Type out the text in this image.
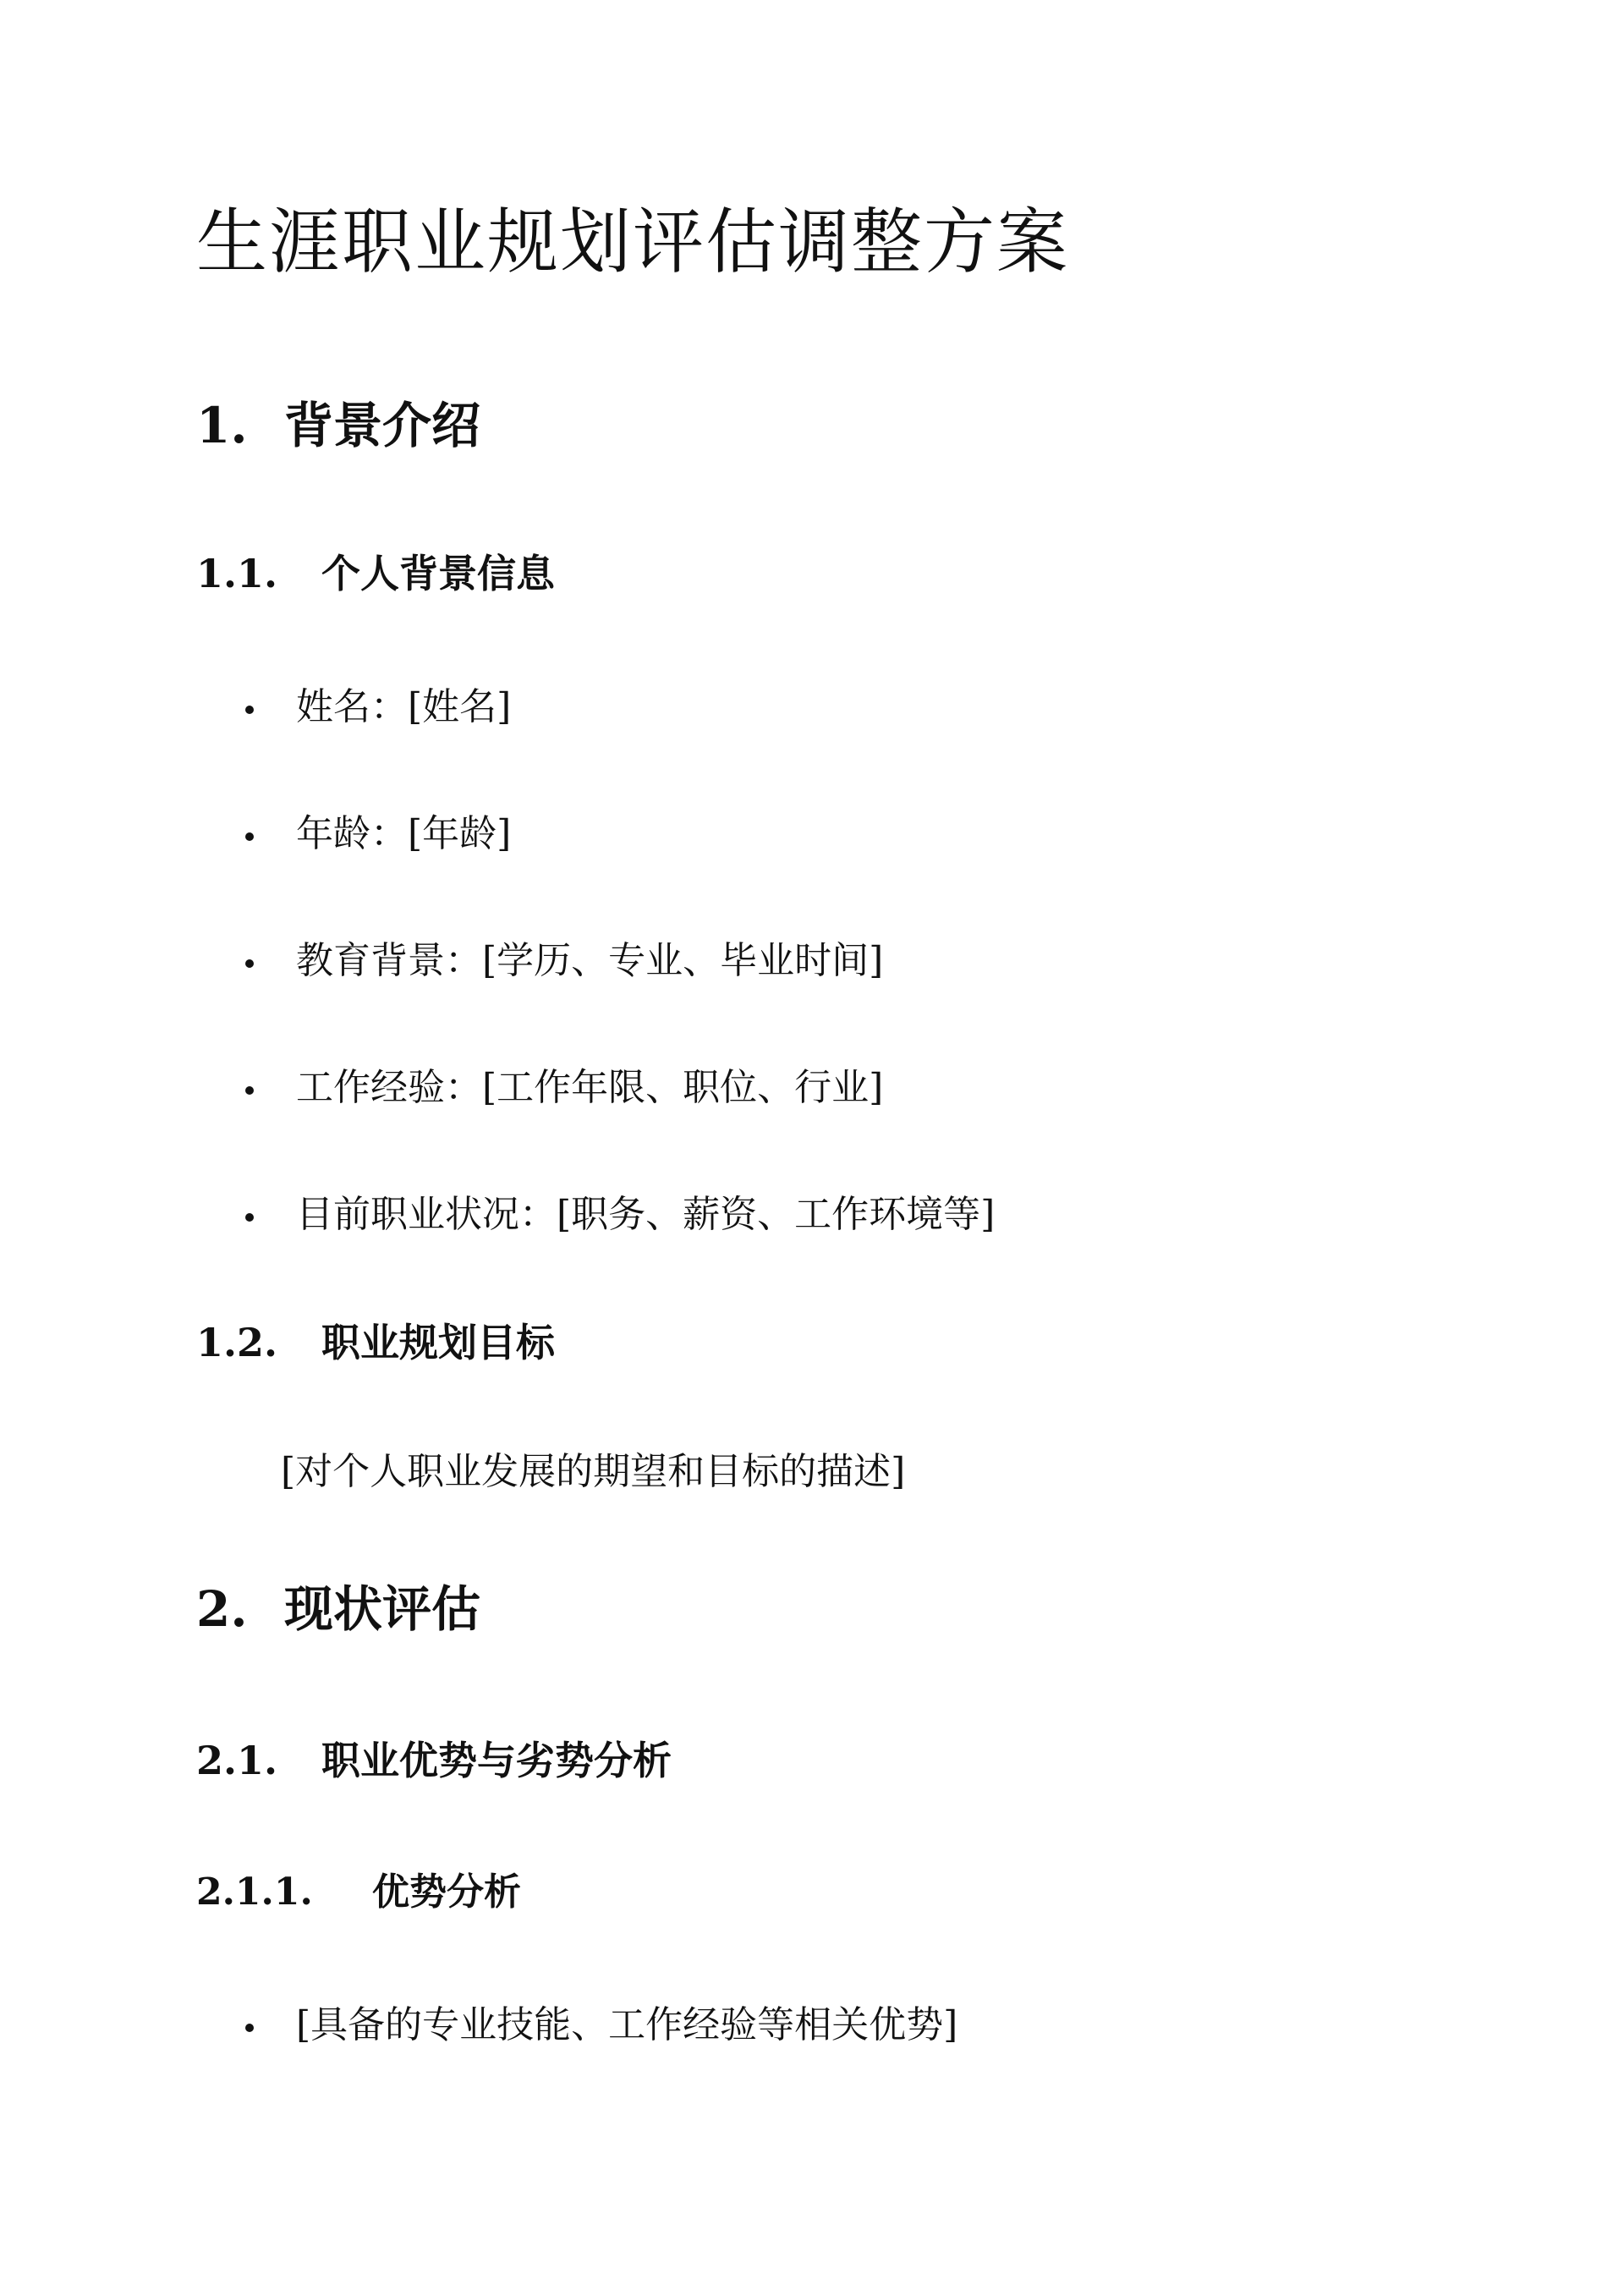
生涯职业规划评估调整方案
1. 背景介绍
1.1. 个人背景信息
姓名：[姓名]
年龄：[年龄]
教育背景：[学历、专业、毕业时间]
工作经验：[工作年限、职位、行业]
目前职业状况：[职务、薪资、工作环境等]
1.2. 职业规划目标
[对个人职业发展的期望和目标的描述]
2. 现状评估
2.1. 职业优势与劣势分析
2.1.1. 优势分析
[具备的专业技能、工作经验等相关优势]
